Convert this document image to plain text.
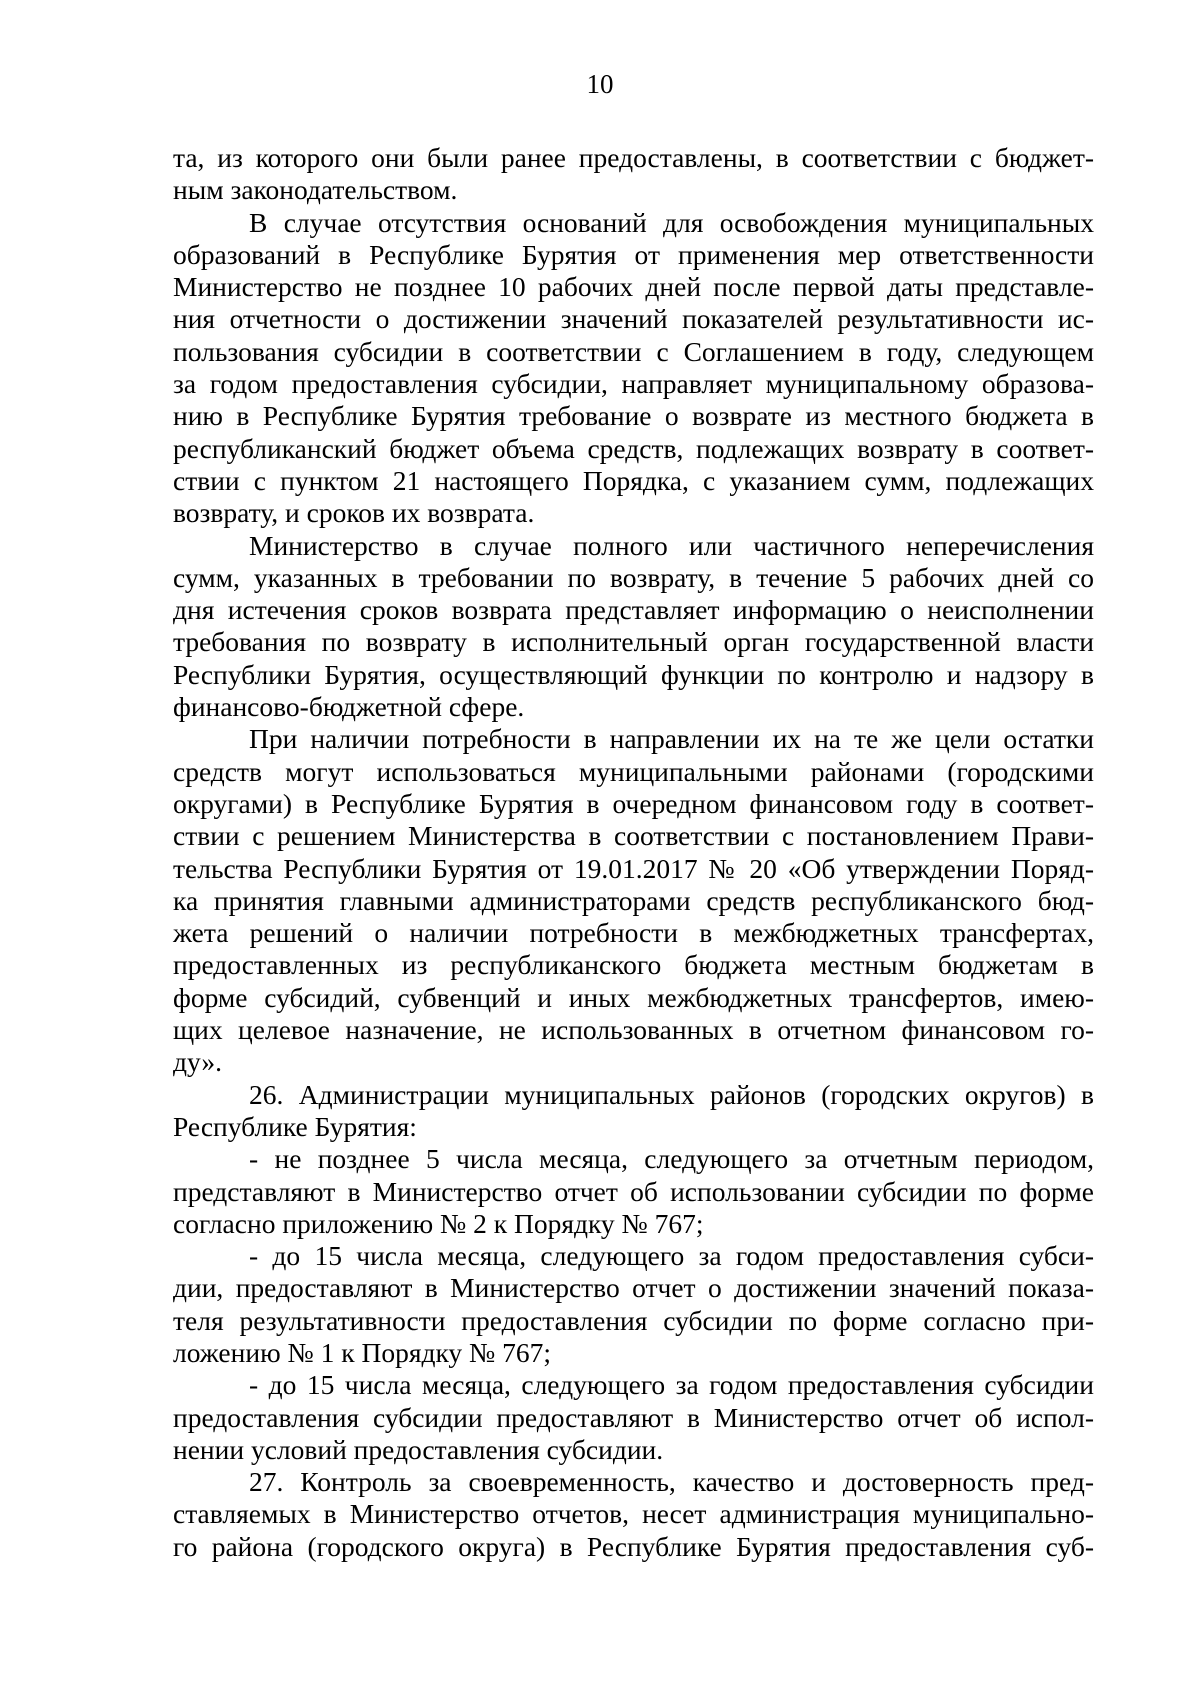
10
та, из которого они были ранее предоставлены, в соответствии с бюджет-
ным законодательством.
В случае отсутствия оснований для освобождения муниципальных
образований в Республике Бурятия от применения мер ответственности
Министерство не позднее 10 рабочих дней после первой даты представле-
ния отчетности о достижении значений показателей результативности ис-
пользования субсидии в соответствии с Соглашением в году, следующем
за годом предоставления субсидии, направляет муниципальному образова-
нию в Республике Бурятия требование о возврате из местного бюджета в
республиканский бюджет объема средств, подлежащих возврату в соответ-
ствии с пунктом 21 настоящего Порядка, с указанием сумм, подлежащих
возврату, и сроков их возврата.
Министерство в случае полного или частичного неперечисления
сумм, указанных в требовании по возврату, в течение 5 рабочих дней со
дня истечения сроков возврата представляет информацию о неисполнении
требования по возврату в исполнительный орган государственной власти
Республики Бурятия, осуществляющий функции по контролю и надзору в
финансово-бюджетной сфере.
При наличии потребности в направлении их на те же цели остатки
средств могут использоваться муниципальными районами (городскими
округами) в Республике Бурятия в очередном финансовом году в соответ-
ствии с решением Министерства в соответствии с постановлением Прави-
тельства Республики Бурятия от 19.01.2017 № 20 «Об утверждении Поряд-
ка принятия главными администраторами средств республиканского бюд-
жета решений о наличии потребности в межбюджетных трансфертах,
предоставленных из республиканского бюджета местным бюджетам в
форме субсидий, субвенций и иных межбюджетных трансфертов, имею-
щих целевое назначение, не использованных в отчетном финансовом го-
ду».
26. Администрации муниципальных районов (городских округов) в
Республике Бурятия:
- не позднее 5 числа месяца, следующего за отчетным периодом,
представляют в Министерство отчет об использовании субсидии по форме
согласно приложению № 2 к Порядку № 767;
- до 15 числа месяца, следующего за годом предоставления субси-
дии, предоставляют в Министерство отчет о достижении значений показа-
теля результативности предоставления субсидии по форме согласно при-
ложению № 1 к Порядку № 767;
- до 15 числа месяца, следующего за годом предоставления субсидии
предоставления субсидии предоставляют в Министерство отчет об испол-
нении условий предоставления субсидии.
27. Контроль за своевременность, качество и достоверность пред-
ставляемых в Министерство отчетов, несет администрация муниципально-
го района (городского округа) в Республике Бурятия предоставления суб-
